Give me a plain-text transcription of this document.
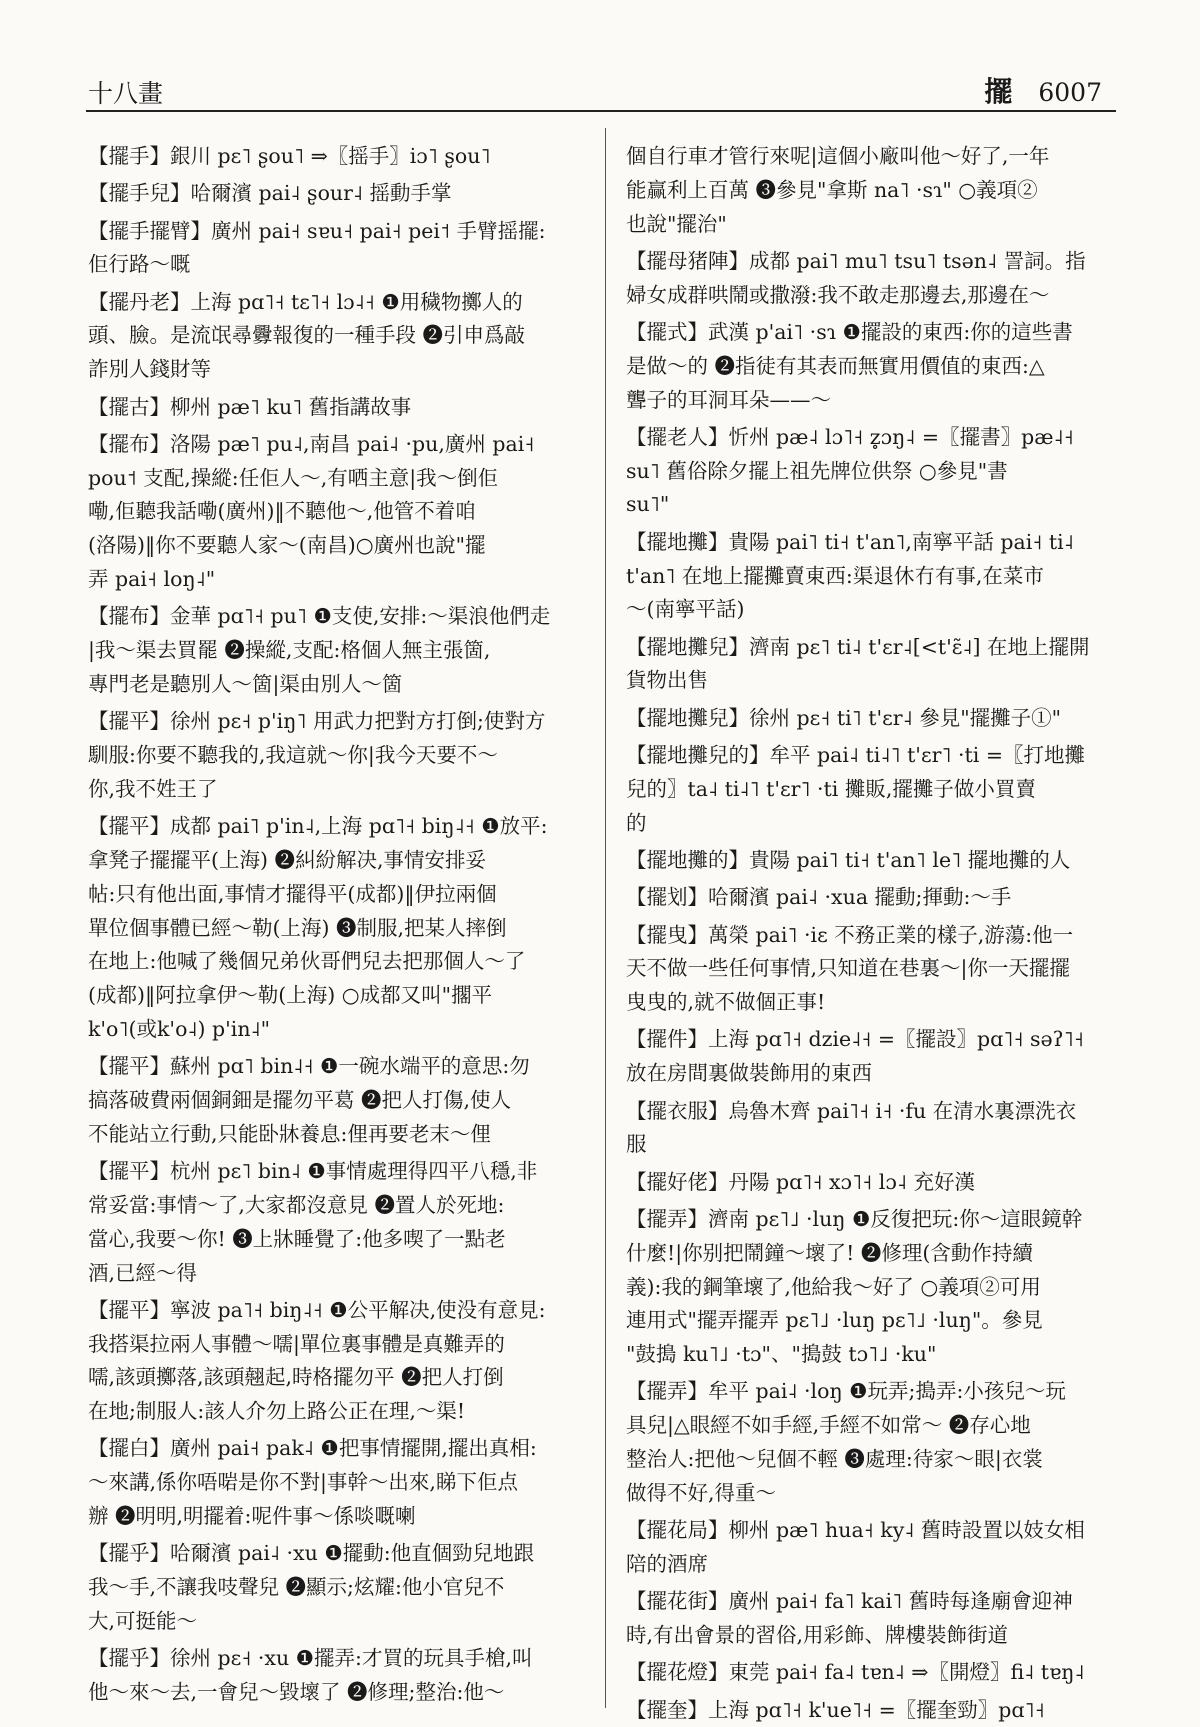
十八畫	擺 6007

【擺手】銀川 pɛ˥ ʂou˥ ⇒〖摇手〗iɔ˥ ʂou˥

【擺手兒】哈爾濱 pai˨ ʂour˨ 摇動手掌

【擺手擺臂】廣州 pai˧ sɐu˧ pai˧ pei˦ 手臂摇擺:
佢行路～嘅

【擺丹老】上海 pɑ˥˧ tɛ˥˧ lɔ˨˧ ❶用穢物擲人的
頭、臉。是流氓尋釁報復的一種手段 ❷引申爲敲
詐別人錢財等

【擺古】柳州 pæ˥ ku˥ 舊指講故事

【擺布】洛陽 pæ˥ pu˨,南昌 pai˨ ·pu,廣州 pai˧
pou˦ 支配,操縱:任佢人～,有哂主意|我～倒佢
嘞,佢聽我話嘞(廣州)‖不聽他～,他管不着咱
(洛陽)‖你不要聽人家～(南昌)○廣州也說"擺
弄 pai˧ loŋ˨"

【擺布】金華 pɑ˥˧ pu˥ ❶支使,安排:～渠浪他們走
|我～渠去買罷 ❷操縱,支配:格個人無主張箇,
專門老是聽別人～箇|渠由別人～箇

【擺平】徐州 pɛ˧ p'iŋ˥ 用武力把對方打倒;使對方
馴服:你要不聽我的,我這就～你|我今天要不～
你,我不姓王了

【擺平】成都 pai˥ p'in˨,上海 pɑ˥˧ biŋ˨˧ ❶放平:
拿凳子擺擺平(上海) ❷糾紛解决,事情安排妥
帖:只有他出面,事情才擺得平(成都)‖伊拉兩個
單位個事體已經～勒(上海) ❸制服,把某人摔倒
在地上:他喊了幾個兄弟伙哥們兒去把那個人～了
(成都)‖阿拉拿伊～勒(上海) ○成都又叫"擱平
k'o˥(或k'o˨) p'in˨"

【擺平】蘇州 pɑ˥ bin˨˧ ❶一碗水端平的意思:勿
搞落破費兩個銅鈿是擺勿平葛 ❷把人打傷,使人
不能站立行動,只能卧牀養息:俚再要老末～俚

【擺平】杭州 pɛ˥ bin˨ ❶事情處理得四平八穩,非
常妥當:事情～了,大家都沒意見 ❷置人於死地:
當心,我要～你! ❸上牀睡覺了:他多喫了一點老
酒,已經～得

【擺平】寧波 pa˥˧ biŋ˨˧ ❶公平解决,使没有意見:
我搭渠拉兩人事體～嚅|單位裏事體是真難弄的
嚅,該頭擲落,該頭翹起,時格擺勿平 ❷把人打倒
在地;制服人:該人介勿上路公正在理,～渠!

【擺白】廣州 pai˧ pak˨ ❶把事情擺開,擺出真相:
～來講,係你唔啱是你不對|事幹～出來,睇下佢点
辦 ❷明明,明擺着:呢件事～係啖嘅喇

【擺乎】哈爾濱 pai˨ ·xu ❶擺動:他直個勁兒地跟
我～手,不讓我吱聲兒 ❷顯示;炫耀:他小官兒不
大,可挺能～

【擺乎】徐州 pɛ˧ ·xu ❶擺弄:才買的玩具手槍,叫
他～來～去,一會兒～毀壞了 ❷修理;整治:他～

個自行車才管行來呢|這個小廠叫他～好了,一年
能赢利上百萬 ❸參見"拿斯 na˥ ·sɿ" ○義項②
也說"擺治"

【擺母猪陣】成都 pai˥ mu˥ tsu˥ tsən˨ 詈詞。指
婦女成群哄鬧或撒潑:我不敢走那邊去,那邊在～

【擺式】武漢 p'ai˥ ·sɿ ❶擺設的東西:你的這些書
是做～的 ❷指徒有其表而無實用價值的東西:△
聾子的耳洞耳朵——～

【擺老人】忻州 pæ˨ lɔ˥˧ z̥ɔŋ˨ =〖擺書〗pæ˨˧
su˥ 舊俗除夕擺上祖先牌位供祭 ○參見"書
su˥"

【擺地攤】貴陽 pai˥ ti˧ t'an˥,南寧平話 pai˧ ti˨
t'an˥ 在地上擺攤賣東西:渠退休冇有事,在菜市
～(南寧平話)

【擺地攤兒】濟南 pɛ˥ ti˨ t'ɛr˨[<t'ɛ̃˨] 在地上擺開
貨物出售

【擺地攤兒】徐州 pɛ˧ ti˥ t'ɛr˨ 參見"擺攤子①"

【擺地攤兒的】牟平 pai˨ ti˨˥ t'ɛr˥ ·ti =〖打地攤
兒的〗ta˨ ti˨˥ t'ɛr˥ ·ti 攤販,擺攤子做小買賣
的

【擺地攤的】貴陽 pai˥ ti˧ t'an˥ le˥ 擺地攤的人

【擺划】哈爾濱 pai˨ ·xua 擺動;揮動:～手

【擺曳】萬榮 pai˥ ·iɛ 不務正業的樣子,游蕩:他一
天不做一些任何事情,只知道在巷裏～|你一天擺擺
曳曳的,就不做個正事!

【擺件】上海 pɑ˥˧ dzie˨˧ =〖擺設〗pɑ˥˧ səʔ˥˧
放在房間裏做裝飾用的東西

【擺衣服】烏魯木齊 pai˥˧ i˧ ·fu 在清水裏漂洗衣
服

【擺好佬】丹陽 pɑ˥˧ xɔ˥˧ lɔ˨ 充好漢

【擺弄】濟南 pɛ˥˩ ·luŋ ❶反復把玩:你～這眼鏡幹
什麼!|你别把鬧鐘～壞了! ❷修理(含動作持續
義):我的鋼筆壞了,他給我～好了 ○義項②可用
連用式"擺弄擺弄 pɛ˥˩ ·luŋ pɛ˥˩ ·luŋ"。參見
"鼓搗 ku˥˩ ·tɔ"、"搗鼓 tɔ˥˩ ·ku"

【擺弄】牟平 pai˨ ·loŋ ❶玩弄;搗弄:小孩兒～玩
具兒|△眼經不如手經,手經不如常～ ❷存心地
整治人:把他～兒個不輕 ❸處理:待家～眼|衣裳
做得不好,得重～

【擺花局】柳州 pæ˥ hua˧ ky˨ 舊時設置以妓女相
陪的酒席

【擺花街】廣州 pai˧ fa˥ kai˥ 舊時每逢廟會迎神
時,有出會景的習俗,用彩飾、牌樓裝飾街道

【擺花燈】東莞 pai˧ fa˨ tɐn˨ ⇒〖開燈〗fi˨ tɐŋ˨

【擺奎】上海 pɑ˥˧ k'ue˥˧ =〖擺奎勁〗pɑ˥˧
